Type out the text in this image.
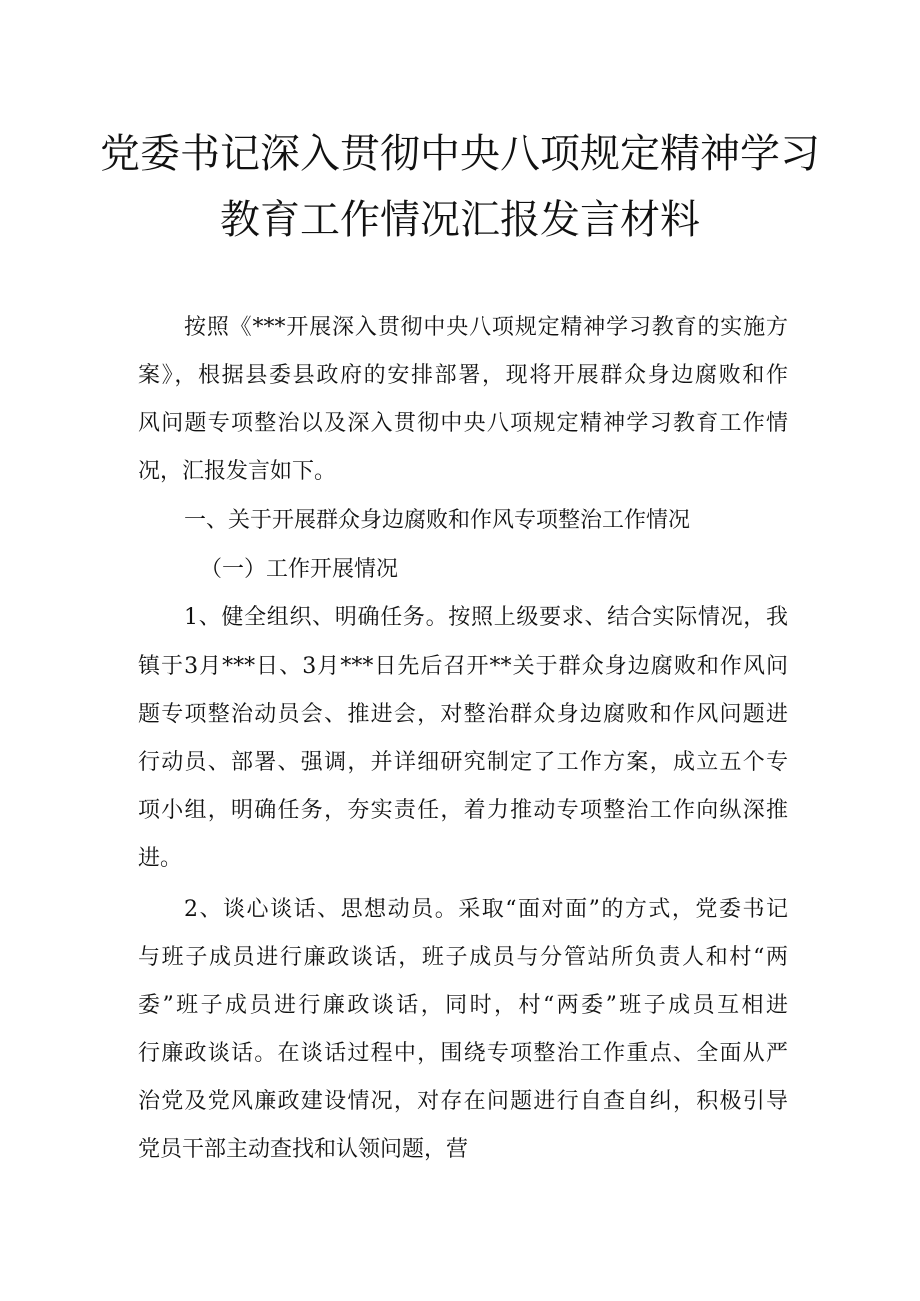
党委书记深入贯彻中央八项规定精神学习
教育工作情况汇报发言材料
按照《***开展深入贯彻中央八项规定精神学习教育的实施方
案》，根据县委县政府的安排部署，现将开展群众身边腐败和作
风问题专项整治以及深入贯彻中央八项规定精神学习教育工作情
况，汇报发言如下。
一、关于开展群众身边腐败和作风专项整治工作情况
（一）工作开展情况
1、健全组织、明确任务。按照上级要求、结合实际情况，我
镇于3月***日、3月***日先后召开**关于群众身边腐败和作风问
题专项整治动员会、推进会，对整治群众身边腐败和作风问题进
行动员、部署、强调，并详细研究制定了工作方案，成立五个专
项小组，明确任务，夯实责任，着力推动专项整治工作向纵深推
进。
2、谈心谈话、思想动员。采取“面对面”的方式，党委书记
与班子成员进行廉政谈话，班子成员与分管站所负责人和村“两
委”班子成员进行廉政谈话，同时，村“两委”班子成员互相进
行廉政谈话。在谈话过程中，围绕专项整治工作重点、全面从严
治党及党风廉政建设情况，对存在问题进行自查自纠，积极引导
党员干部主动查找和认领问题，营
